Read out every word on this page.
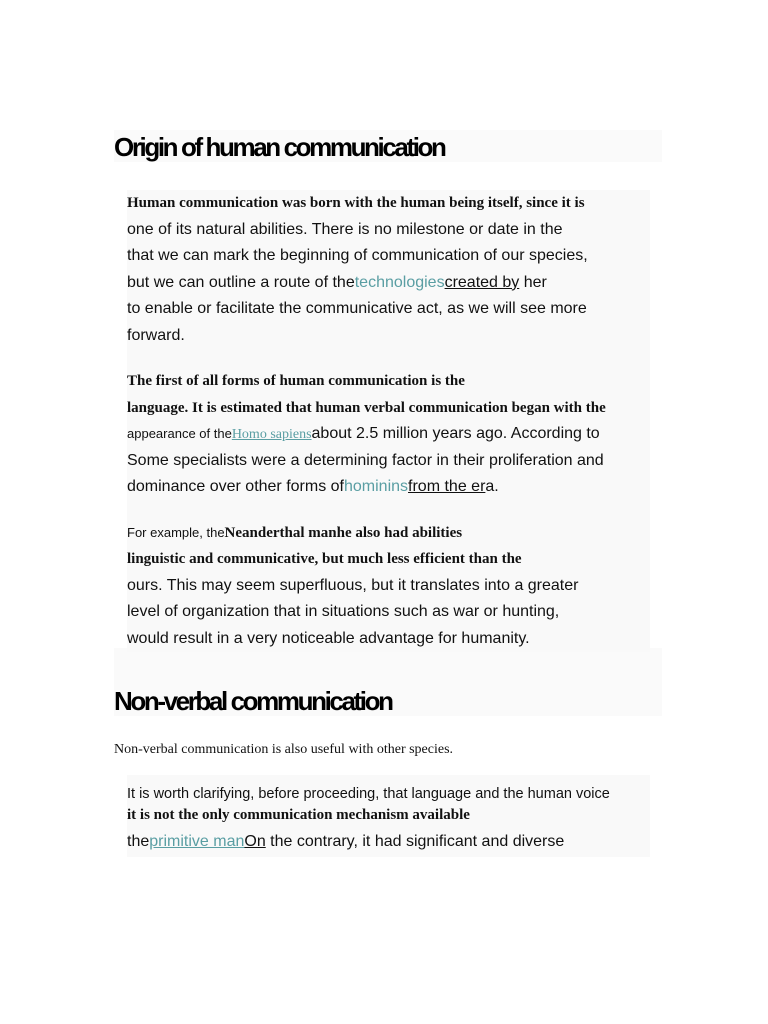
Origin of human communication
Human communication was born with the human being itself, since it is
one of its natural abilities. There is no milestone or date in the
that we can mark the beginning of communication of our species,
but we can outline a route of thetechnologiescreated by her
to enable or facilitate the communicative act, as we will see more
forward.
The first of all forms of human communication is the
language. It is estimated that human verbal communication began with the
appearance of theHomo sapiensabout 2.5 million years ago. According to
Some specialists were a determining factor in their proliferation and
dominance over other forms ofhomininsfrom the era.
For example, theNeanderthal manhe also had abilities
linguistic and communicative, but much less efficient than the
ours. This may seem superfluous, but it translates into a greater
level of organization that in situations such as war or hunting,
would result in a very noticeable advantage for humanity.
Non-verbal communication
Non-verbal communication is also useful with other species.
It is worth clarifying, before proceeding, that language and the human voice
it is not the only communication mechanism available
theprimitive manOn the contrary, it had significant and diverse
